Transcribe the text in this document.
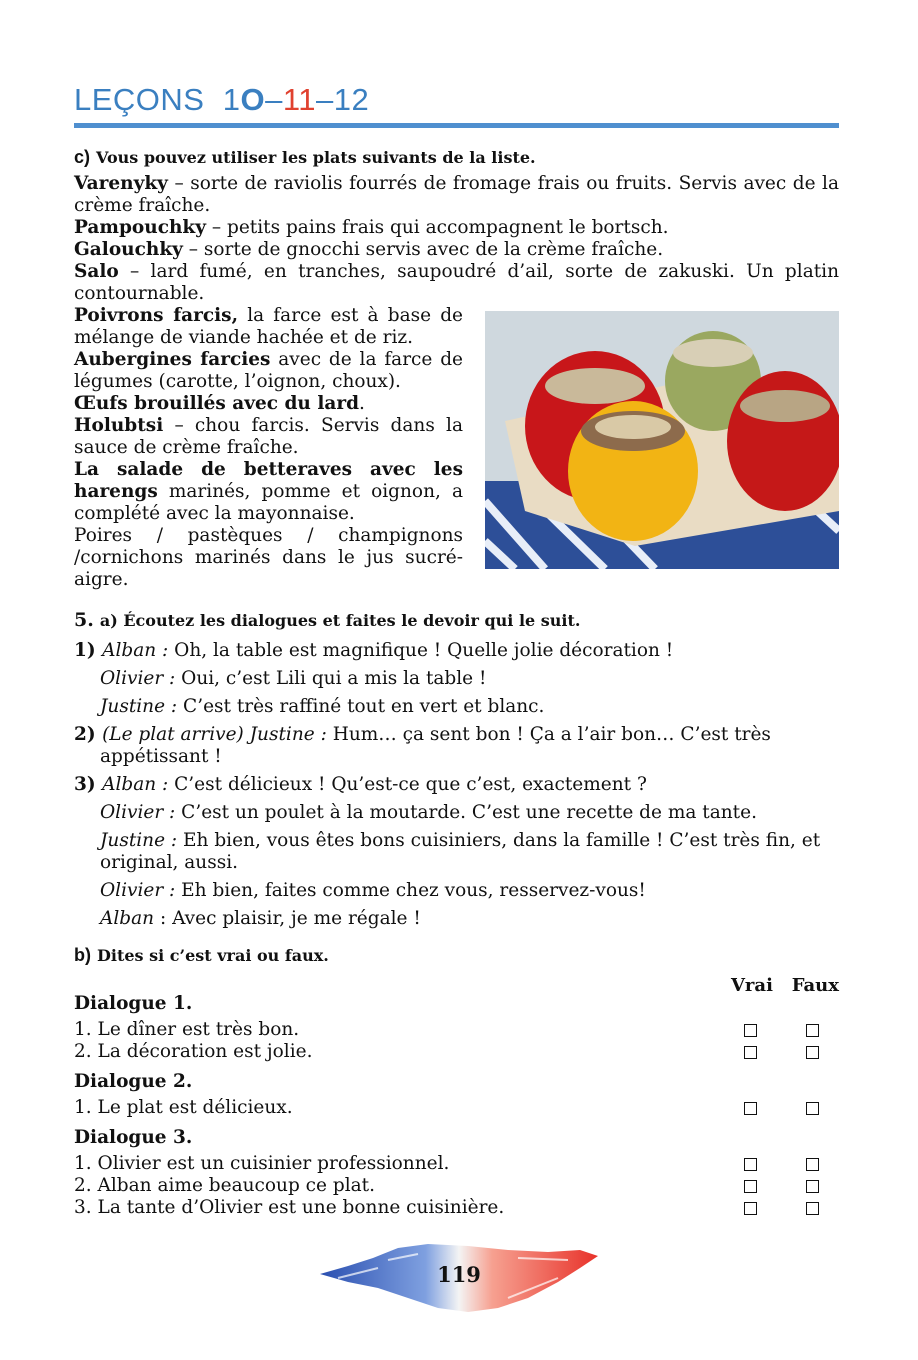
LEÇONS 1O–11–12
c) Vous pouvez utiliser les plats suivants de la liste.

Varenyky – sorte de raviolis fourrés de fromage frais ou fruits. Servis avec de la crème fraîche.

Pampouchky – petits pains frais qui accompagnent le bortsch.

Galouchky – sorte de gnocchi servis avec de la crème fraîche.

Salo – lard fumé, en tranches, saupoudré d’ail, sorte de zakuski. Un platin contournable.

Poivrons farcis, la farce est à base de mélange de viande hachée et de riz.

Aubergines farcies avec de la farce de légumes (carotte, l’oignon, choux).

Œufs brouillés avec du lard.

Holubtsi – chou farcis. Servis dans la sauce de crème fraîche.

La salade de betteraves avec les harengs marinés, pomme et oignon, a complété avec la mayonnaise.

Poires / pastèques / champignons /cornichons marinés dans le jus sucré-aigre.

5. a) Écoutez les dialogues et faites le devoir qui le suit.

1) Alban : Oh, la table est magnifique ! Quelle jolie décoration !

Olivier : Oui, c’est Lili qui a mis la table !

Justine : C’est très raffiné tout en vert et blanc.

2) (Le plat arrive) Justine : Hum… ça sent bon ! Ça a l’air bon… C’est très appétissant !

3) Alban : C’est délicieux ! Qu’est-ce que c’est, exactement ?

Olivier : C’est un poulet à la moutarde. C’est une recette de ma tante.

Justine : Eh bien, vous êtes bons cuisiniers, dans la famille ! C’est très fin, et original, aussi.

Olivier : Eh bien, faites comme chez vous, resservez-vous!

Alban : Avec plaisir, je me régale !

b) Dites si c’est vrai ou faux.
Vrai Faux

Dialogue 1.

1. Le dîner est très bon.
2. La décoration est jolie.

Dialogue 2.

1. Le plat est délicieux.

Dialogue 3.

1. Olivier est un cuisinier professionnel.
2. Alban aime beaucoup ce plat.
3. La tante d’Olivier est une bonne cuisinière.
119
